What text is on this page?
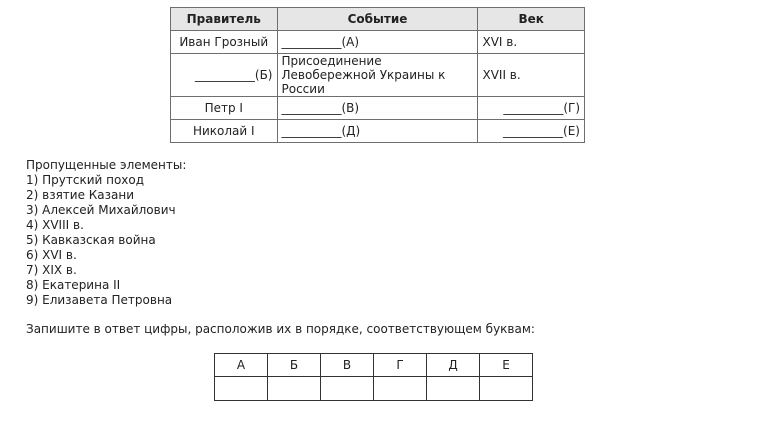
Правитель	Событие	Век
Иван Грозный	__________(А)	XVI в.
__________(Б)	Присоединение Левобережной Украины к России	XVII в.
Петр I	__________(В)	__________(Г)
Николай I	__________(Д)	__________(Е)

Пропущенные элементы:

1) Прутский поход
2) взятие Казани
3) Алексей Михайлович
4) XVIII в.
5) Кавказская война
6) XVI в.
7) XIX в.
8) Екатерина II
9) Елизавета Петровна

Запишите в ответ цифры, расположив их в порядке, соответствующем буквам:

А	Б	В	Г	Д	Е
